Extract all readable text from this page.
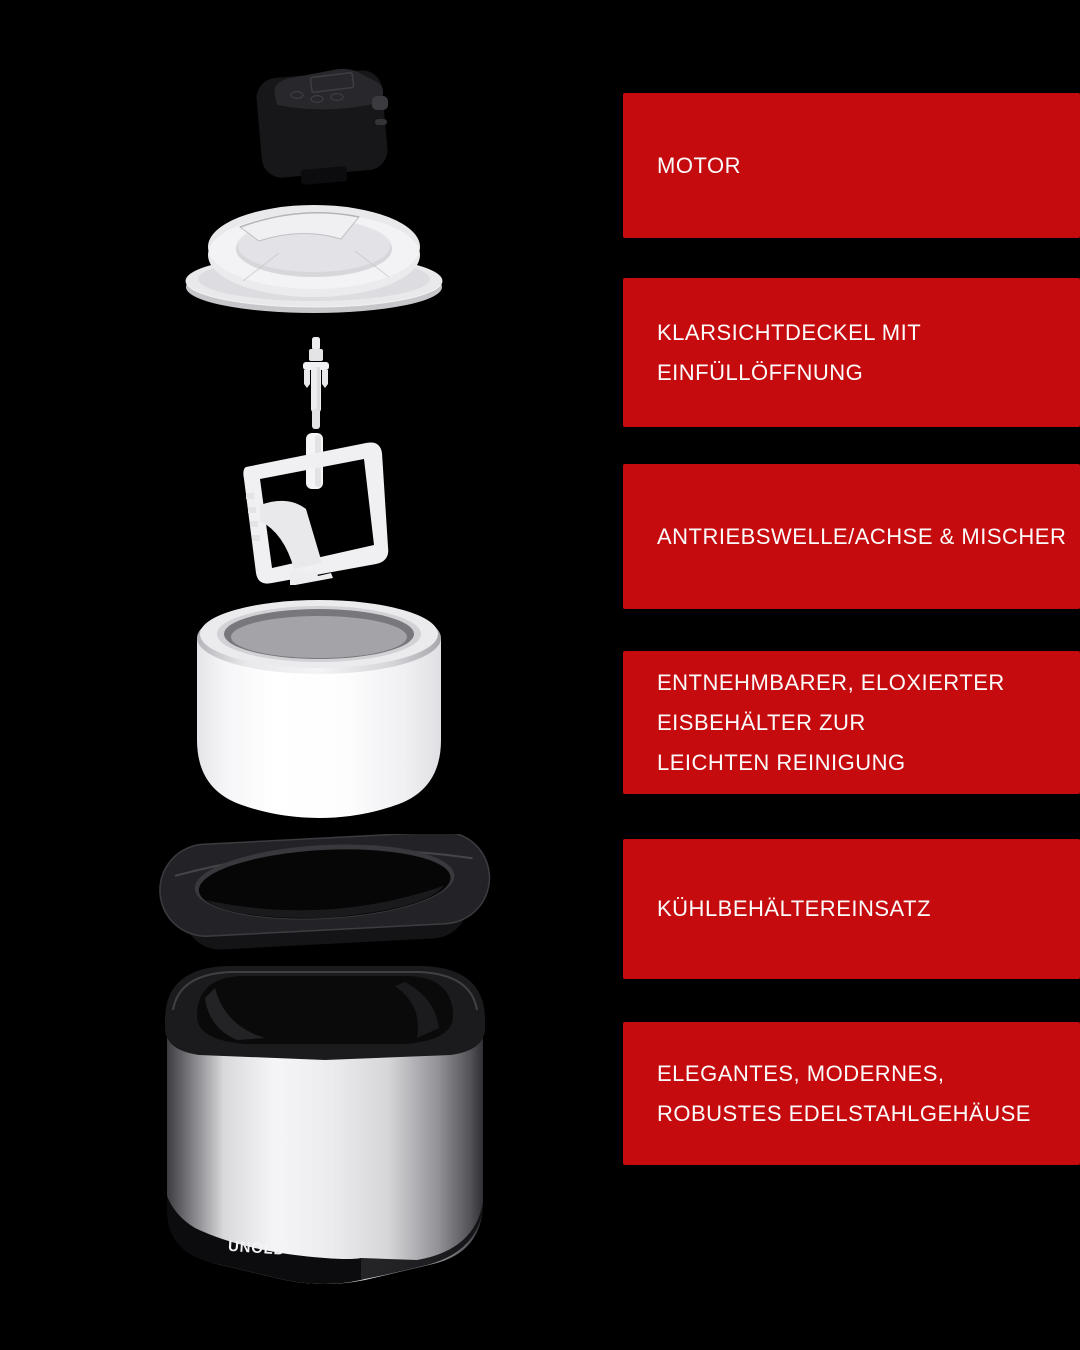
UNOLD®
MOTOR
KLARSICHTDECKEL MIT
EINFÜLLÖFFNUNG
ANTRIEBSWELLE/ACHSE & MISCHER
ENTNEHMBARER, ELOXIERTER
EISBEHÄLTER ZUR
LEICHTEN REINIGUNG
KÜHLBEHÄLTEREINSATZ
ELEGANTES, MODERNES,
ROBUSTES EDELSTAHLGEHÄUSE
